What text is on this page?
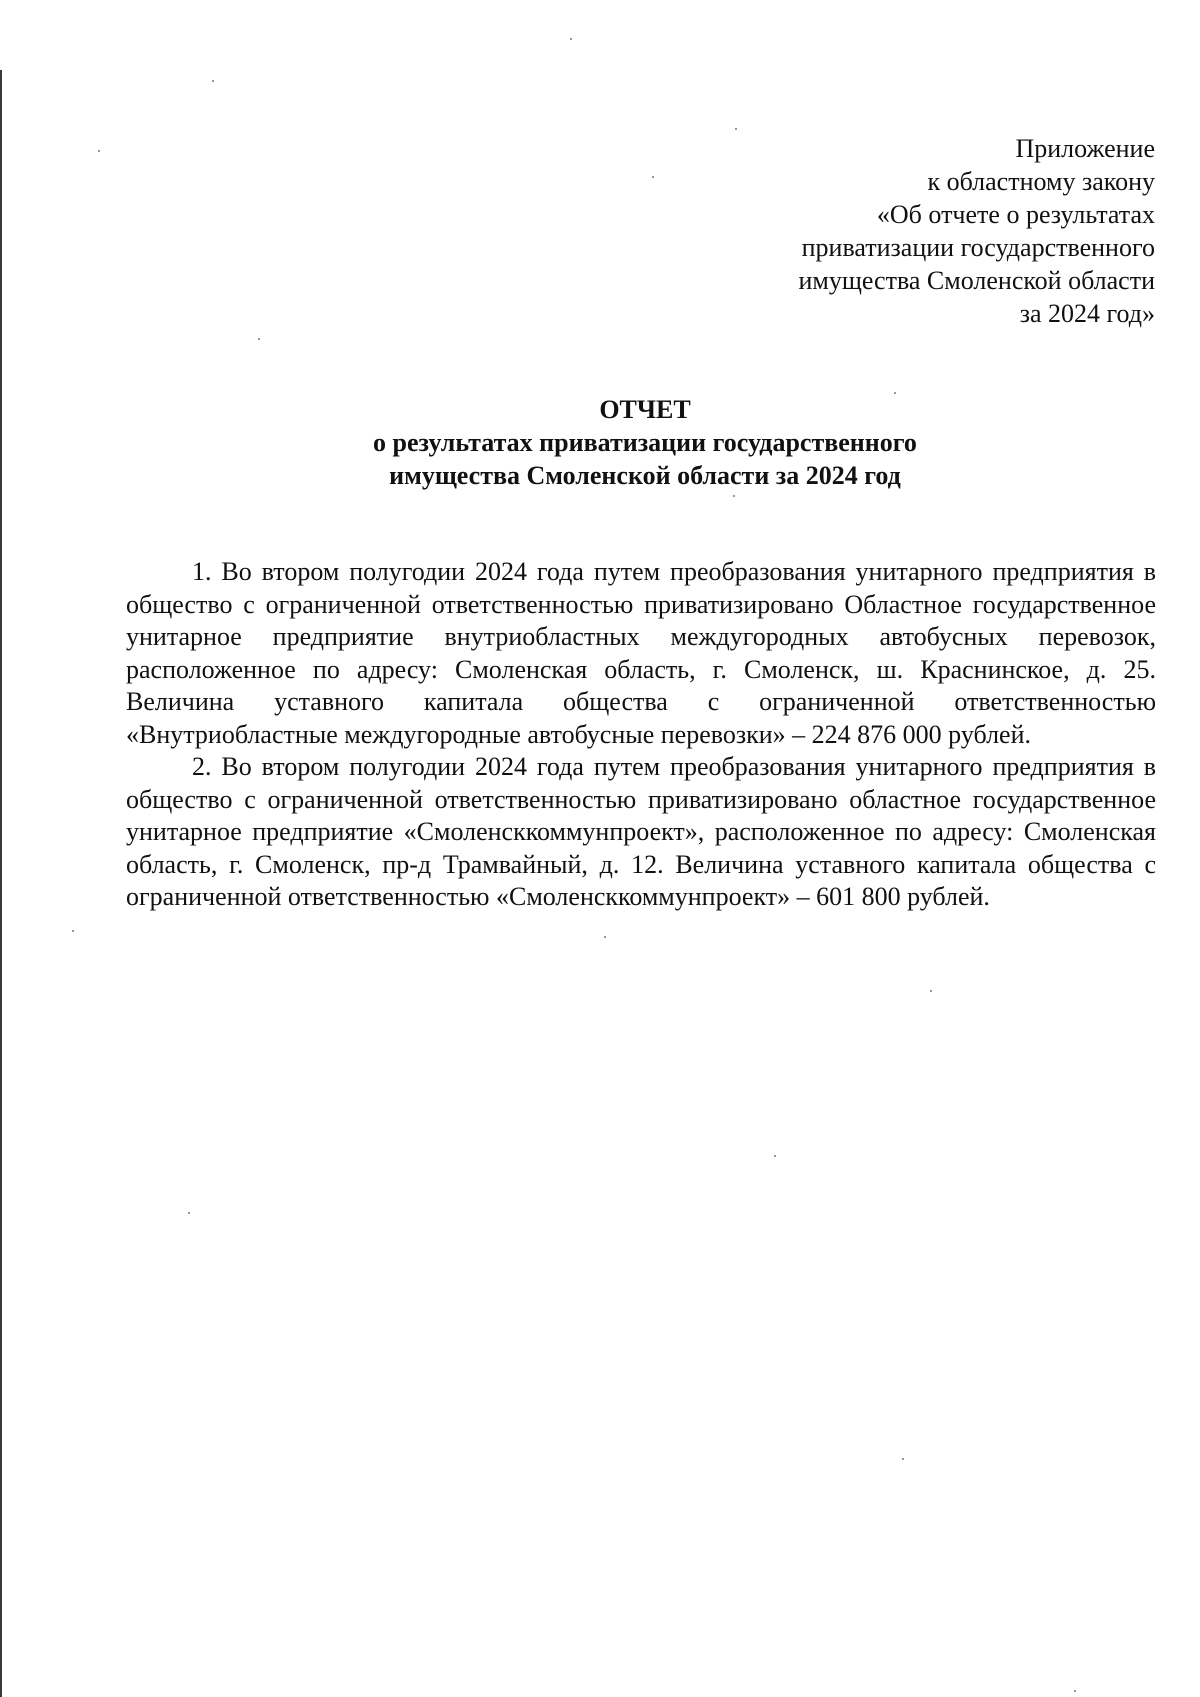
Приложение
к областному закону
«Об отчете о результатах
приватизации государственного
имущества Смоленской области
за 2024 год»
ОТЧЕТ
о результатах приватизации государственного
имущества Смоленской области за 2024 год

1. Во втором полугодии 2024 года путем преобразования унитарного предприятия в общество с ограниченной ответственностью приватизировано Областное государственное унитарное предприятие внутриобластных междугородных автобусных перевозок, расположенное по адресу: Смоленская область, г. Смоленск, ш. Краснинское, д. 25. Величина уставного капитала общества с ограниченной ответственностью «Внутриобластные междугородные автобусные перевозки» – 224 876 000 рублей.

2. Во втором полугодии 2024 года путем преобразования унитарного предприятия в общество с ограниченной ответственностью приватизировано областное государственное унитарное предприятие «Смоленсккоммунпроект», расположенное по адресу: Смоленская область, г. Смоленск, пр-д Трамвайный, д. 12. Величина уставного капитала общества с ограниченной ответственностью «Смоленсккоммунпроект» – 601 800 рублей.
